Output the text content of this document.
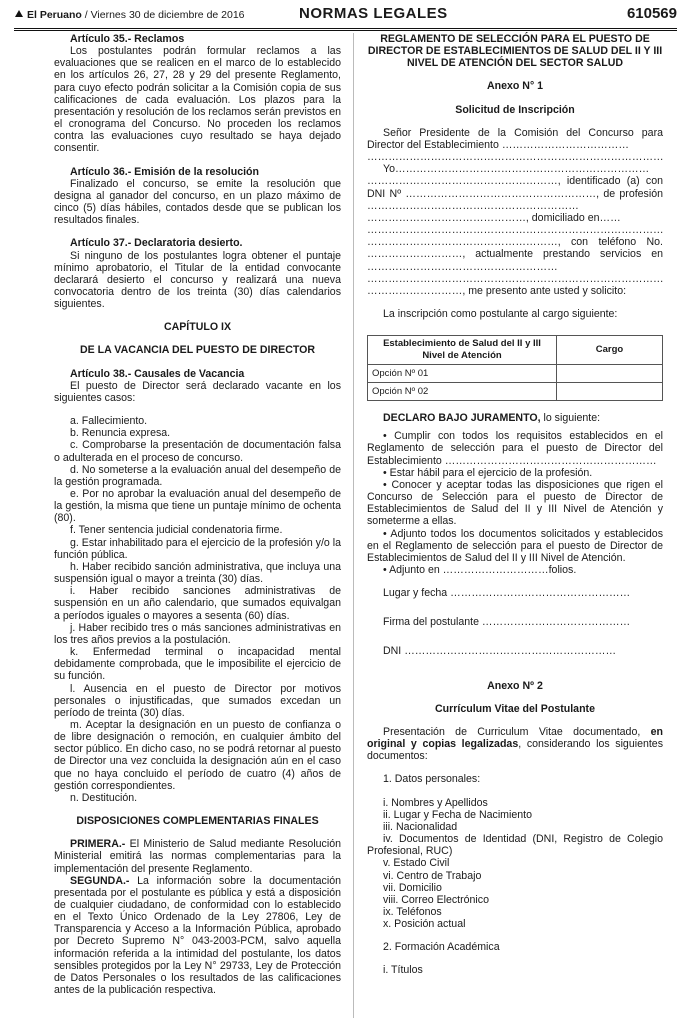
El Peruano / Viernes 30 de diciembre de 2016	NORMAS LEGALES	610569

Artículo 35.- Reclamos

Los postulantes podrán formular reclamos a las evaluaciones que se realicen en el marco de lo establecido en los artículos 26, 27, 28 y 29 del presente Reglamento, para cuyo efecto podrán solicitar a la Comisión copia de sus calificaciones de cada evaluación. Los plazos para la presentación y resolución de los reclamos serán previstos en el cronograma del Concurso. No proceden los reclamos contra las evaluaciones cuyo resultado se haya dejado consentir.

Artículo 36.- Emisión de la resolución

Finalizado el concurso, se emite la resolución que designa al ganador del concurso, en un plazo máximo de cinco (5) días hábiles, contados desde que se publican los resultados finales.

Artículo 37.- Declaratoria desierto.

Si ninguno de los postulantes logra obtener el puntaje mínimo aprobatorio, el Titular de la entidad convocante declarará desierto el concurso y realizará una nueva convocatoria dentro de los treinta (30) días calendarios siguientes.

CAPÍTULO IX

DE LA VACANCIA DEL PUESTO DE DIRECTOR

Artículo 38.- Causales de Vacancia

El puesto de Director será declarado vacante en los siguientes casos:

a. Fallecimiento.

b. Renuncia expresa.

c. Comprobarse la presentación de documentación falsa o adulterada en el proceso de concurso.

d. No someterse a la evaluación anual del desempeño de la gestión programada.

e. Por no aprobar la evaluación anual del desempeño de la gestión, la misma que tiene un puntaje mínimo de ochenta (80).

f. Tener sentencia judicial condenatoria firme.

g. Estar inhabilitado para el ejercicio de la profesión y/o la función pública.

h. Haber recibido sanción administrativa, que incluya una suspensión igual o mayor a treinta (30) días.

i. Haber recibido sanciones administrativas de suspensión en un año calendario, que sumados equivalgan a períodos iguales o mayores a sesenta (60) días.

j. Haber recibido tres o más sanciones administrativas en los tres años previos a la postulación.

k. Enfermedad terminal o incapacidad mental debidamente comprobada, que le imposibilite el ejercicio de su función.

l. Ausencia en el puesto de Director por motivos personales o injustificadas, que sumados excedan un período de treinta (30) días.

m. Aceptar la designación en un puesto de confianza o de libre designación o remoción, en cualquier ámbito del sector público. En dicho caso, no se podrá retornar al puesto de Director una vez concluida la designación aún en el caso que no haya concluido el período de cuatro (4) años de gestión correspondientes.

n. Destitución.

DISPOSICIONES COMPLEMENTARIAS FINALES

PRIMERA.- El Ministerio de Salud mediante Resolución Ministerial emitirá las normas complementarias para la implementación del presente Reglamento.

SEGUNDA.- La información sobre la documentación presentada por el postulante es pública y está a disposición de cualquier ciudadano, de conformidad con lo establecido en el Texto Único Ordenado de la Ley 27806, Ley de Transparencia y Acceso a la Información Pública, aprobado por Decreto Supremo N° 043-2003-PCM, salvo aquella información referida a la intimidad del postulante, los datos sensibles protegidos por la Ley N° 29733, Ley de Protección de Datos Personales o los resultados de las calificaciones antes de la publicación respectiva.

REGLAMENTO DE SELECCIÓN PARA EL PUESTO DE DIRECTOR DE ESTABLECIMIENTOS DE SALUD DEL II Y III NIVEL DE ATENCIÓN DEL SECTOR SALUD

Anexo N° 1

Solicitud de Inscripción

Señor Presidente de la Comisión del Concurso para Director del Establecimiento ………………………………

…………………………………………………………………………

Yo………………………………………………………………

………………………………………………, identificado (a) con DNI Nº ………………………………………………, de profesión ……………………………………………………

………………………………………, domiciliado en……

…………………………………………………………………………

………………………………………………, con teléfono No. ………………………, actualmente prestando servicios en ………………………………………………

…………………………………………………………………………

………………………, me presento ante usted y solicito:

La inscripción como postulante al cargo siguiente:

Establecimiento de Salud del II y III Nivel de Atención	Cargo
Opción Nº 01	
Opción Nº 02	

DECLARO BAJO JURAMENTO, lo siguiente:

• Cumplir con todos los requisitos establecidos en el Reglamento de selección para el puesto de Director del Establecimiento ……………………………………………………

• Estar hábil para el ejercicio de la profesión.

• Conocer y aceptar todas las disposiciones que rigen el Concurso de Selección para el puesto de Director de Establecimientos de Salud del II y III Nivel de Atención y someterme a ellas.

• Adjunto todos los documentos solicitados y establecidos en el Reglamento de selección para el puesto de Director de Establecimientos de Salud del II y III Nivel de Atención.

• Adjunto en …………………………folios.

Lugar y fecha ……………………………………………

Firma del postulante ……………………………………

DNI ……………………………………………………

Anexo Nº 2

Currículum Vitae del Postulante

Presentación de Curriculum Vitae documentado, en original y copias legalizadas, considerando los siguientes documentos:

1. Datos personales:

i. Nombres y Apellidos

ii. Lugar y Fecha de Nacimiento

iii. Nacionalidad

iv. Documentos de Identidad (DNI, Registro de Colegio Profesional, RUC)

v. Estado Civil

vi. Centro de Trabajo

vii. Domicilio

viii. Correo Electrónico

ix. Teléfonos

x. Posición actual

2. Formación Académica

i. Títulos
